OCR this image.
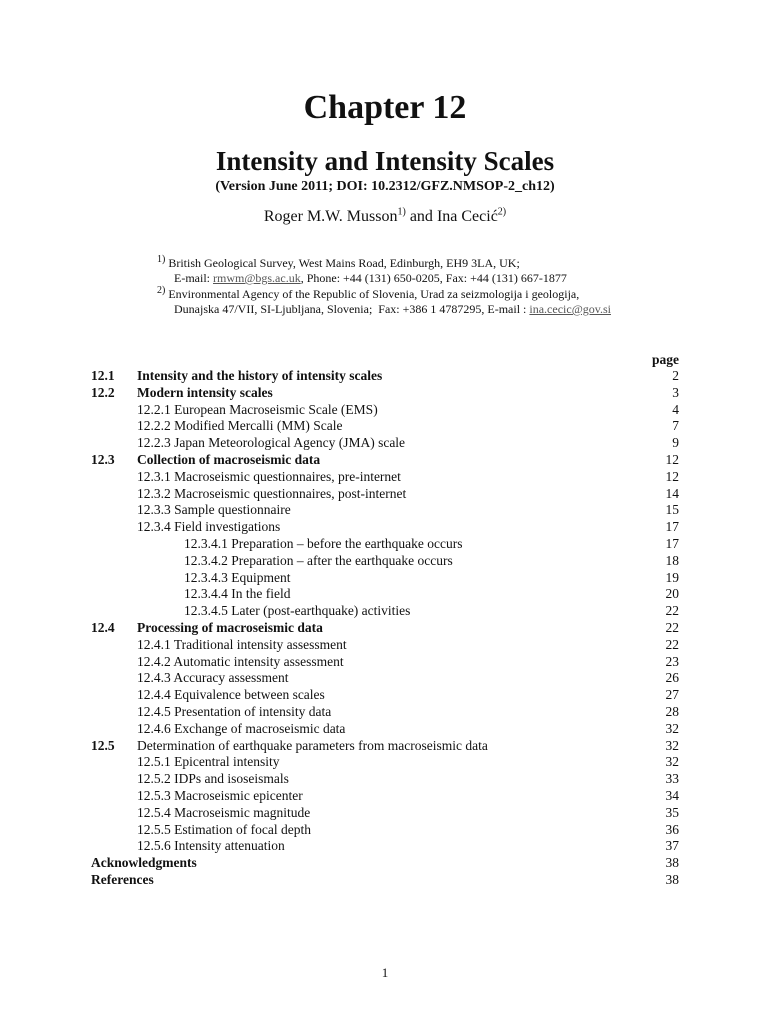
Chapter 12
Intensity and Intensity Scales
(Version June 2011; DOI: 10.2312/GFZ.NMSOP-2_ch12)
Roger M.W. Musson$^{1)}$ and Ina Cecić$^{2)}$
$^{1)}$ British Geological Survey, West Mains Road, Edinburgh, EH9 3LA, UK;
E-mail: rmwm@bgs.ac.uk, Phone: +44 (131) 650-0205, Fax: +44 (131) 667-1877
$^{2)}$ Environmental Agency of the Republic of Slovenia, Urad za seizmologija i geologija,
Dunajska 47/VII, SI-Ljubljana, Slovenia;  Fax: +386 1 4787295, E-mail : ina.cecic@gov.si
page
12.1 Intensity and the history of intensity scales	2
12.2 Modern intensity scales	3
12.2.1 European Macroseismic Scale (EMS)	4
12.2.2 Modified Mercalli (MM) Scale	7
12.2.3 Japan Meteorological Agency (JMA) scale	9
12.3 Collection of macroseismic data	12
12.3.1 Macroseismic questionnaires, pre-internet	12
12.3.2 Macroseismic questionnaires, post-internet	14
12.3.3 Sample questionnaire	15
12.3.4 Field investigations	17
12.3.4.1 Preparation – before the earthquake occurs	17
12.3.4.2 Preparation – after the earthquake occurs	18
12.3.4.3 Equipment	19
12.3.4.4 In the field	20
12.3.4.5 Later (post-earthquake) activities	22
12.4 Processing of macroseismic data	22
12.4.1 Traditional intensity assessment	22
12.4.2 Automatic intensity assessment	23
12.4.3 Accuracy assessment	26
12.4.4 Equivalence between scales	27
12.4.5 Presentation of intensity data	28
12.4.6 Exchange of macroseismic data	32
12.5 Determination of earthquake parameters from macroseismic data	32
12.5.1 Epicentral intensity	32
12.5.2 IDPs and isoseismals	33
12.5.3 Macroseismic epicenter	34
12.5.4 Macroseismic magnitude	35
12.5.5 Estimation of focal depth	36
12.5.6 Intensity attenuation	37
Acknowledgments	38
References	38
1
